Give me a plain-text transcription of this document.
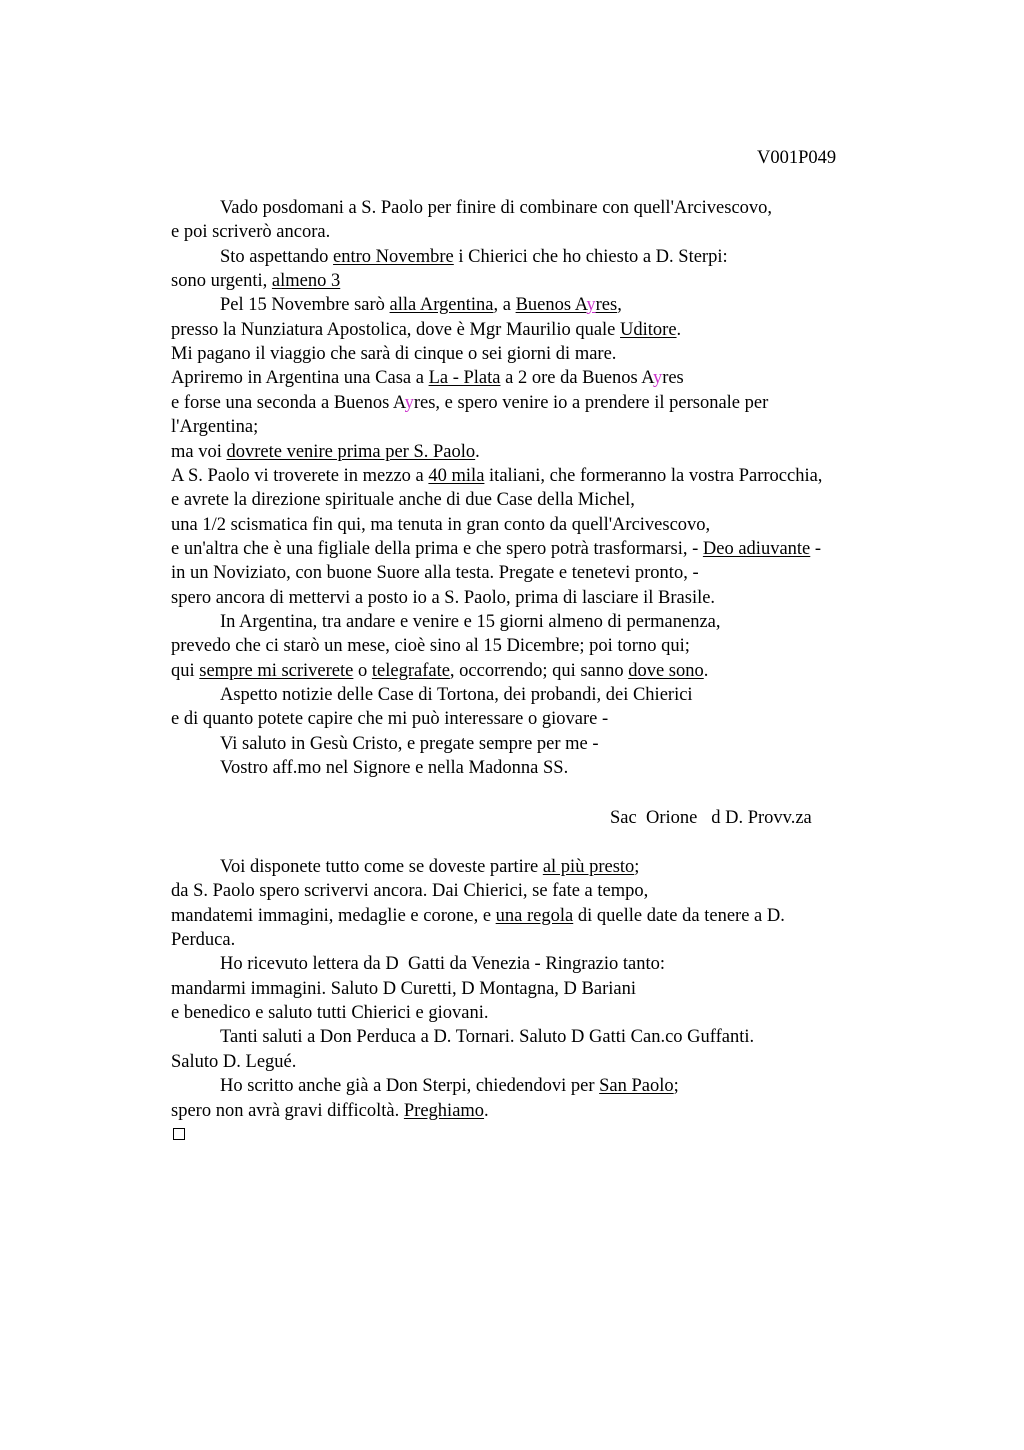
V001P049
Vado posdomani a S. Paolo per finire di combinare con quell'Arcivescovo,
e poi scriverò ancora.
Sto aspettando entro Novembre i Chierici che ho chiesto a D. Sterpi:
sono urgenti, almeno 3
Pel 15 Novembre sarò alla Argentina, a Buenos Ayres,
presso la Nunziatura Apostolica, dove è Mgr Maurilio quale Uditore.
Mi pagano il viaggio che sarà di cinque o sei giorni di mare.
Apriremo in Argentina una Casa a La - Plata a 2 ore da Buenos Ayres
e forse una seconda a Buenos Ayres, e spero venire io a prendere il personale per
l'Argentina;
ma voi dovrete venire prima per S. Paolo.
A S. Paolo vi troverete in mezzo a 40 mila italiani, che formeranno la vostra Parrocchia,
e avrete la direzione spirituale anche di due Case della Michel,
una 1/2 scismatica fin qui, ma tenuta in gran conto da quell'Arcivescovo,
e un'altra che è una figliale della prima e che spero potrà trasformarsi, - Deo adiuvante -
in un Noviziato, con buone Suore alla testa. Pregate e tenetevi pronto, -
spero ancora di mettervi a posto io a S. Paolo, prima di lasciare il Brasile.
In Argentina, tra andare e venire e 15 giorni almeno di permanenza,
prevedo che ci starò un mese, cioè sino al 15 Dicembre; poi torno qui;
qui sempre mi scriverete o telegrafate, occorrendo; qui sanno dove sono.
Aspetto notizie delle Case di Tortona, dei probandi, dei Chierici
e di quanto potete capire che mi può interessare o giovare -
Vi saluto in Gesù Cristo, e pregate sempre per me -
Vostro aff.mo nel Signore e nella Madonna SS.
Sac  Orione   d D. Provv.za
Voi disponete tutto come se doveste partire al più presto;
da S. Paolo spero scrivervi ancora. Dai Chierici, se fate a tempo,
mandatemi immagini, medaglie e corone, e una regola di quelle date da tenere a D.
Perduca.
Ho ricevuto lettera da D  Gatti da Venezia - Ringrazio tanto:
mandarmi immagini. Saluto D Curetti, D Montagna, D Bariani
e benedico e saluto tutti Chierici e giovani.
Tanti saluti a Don Perduca a D. Tornari. Saluto D Gatti Can.co Guffanti.
Saluto D. Legué.
Ho scritto anche già a Don Sterpi, chiedendovi per San Paolo;
spero non avrà gravi difficoltà. Preghiamo.
